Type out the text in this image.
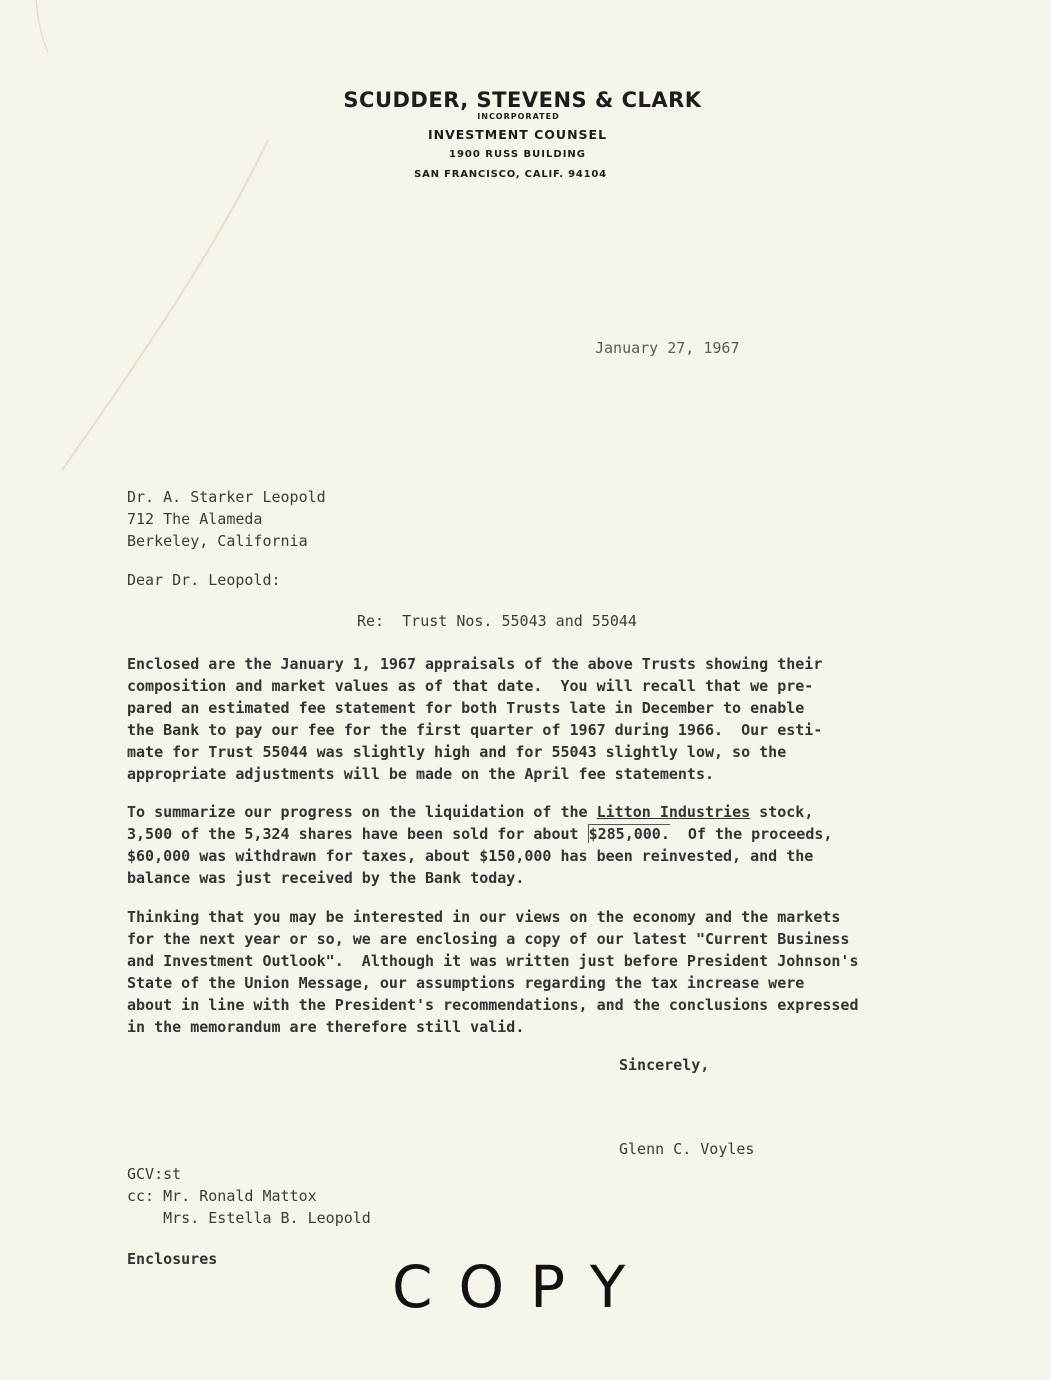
SCUDDER, STEVENS & CLARK
INCORPORATED
INVESTMENT COUNSEL
1900 RUSS BUILDING
SAN FRANCISCO, CALIF. 94104
January 27, 1967
Dr. A. Starker Leopold
712 The Alameda
Berkeley, California
Dear Dr. Leopold:
Re:  Trust Nos. 55043 and 55044
Enclosed are the January 1, 1967 appraisals of the above Trusts showing their
composition and market values as of that date.  You will recall that we pre-
pared an estimated fee statement for both Trusts late in December to enable
the Bank to pay our fee for the first quarter of 1967 during 1966.  Our esti-
mate for Trust 55044 was slightly high and for 55043 slightly low, so the
appropriate adjustments will be made on the April fee statements.
To summarize our progress on the liquidation of the Litton Industries stock,
3,500 of the 5,324 shares have been sold for about $285,000.  Of the proceeds,
$60,000 was withdrawn for taxes, about $150,000 has been reinvested, and the
balance was just received by the Bank today.
Thinking that you may be interested in our views on the economy and the markets
for the next year or so, we are enclosing a copy of our latest "Current Business
and Investment Outlook".  Although it was written just before President Johnson's
State of the Union Message, our assumptions regarding the tax increase were
about in line with the President's recommendations, and the conclusions expressed
in the memorandum are therefore still valid.
Sincerely,
Glenn C. Voyles
GCV:st
cc: Mr. Ronald Mattox
Mrs. Estella B. Leopold
Enclosures	COPY
